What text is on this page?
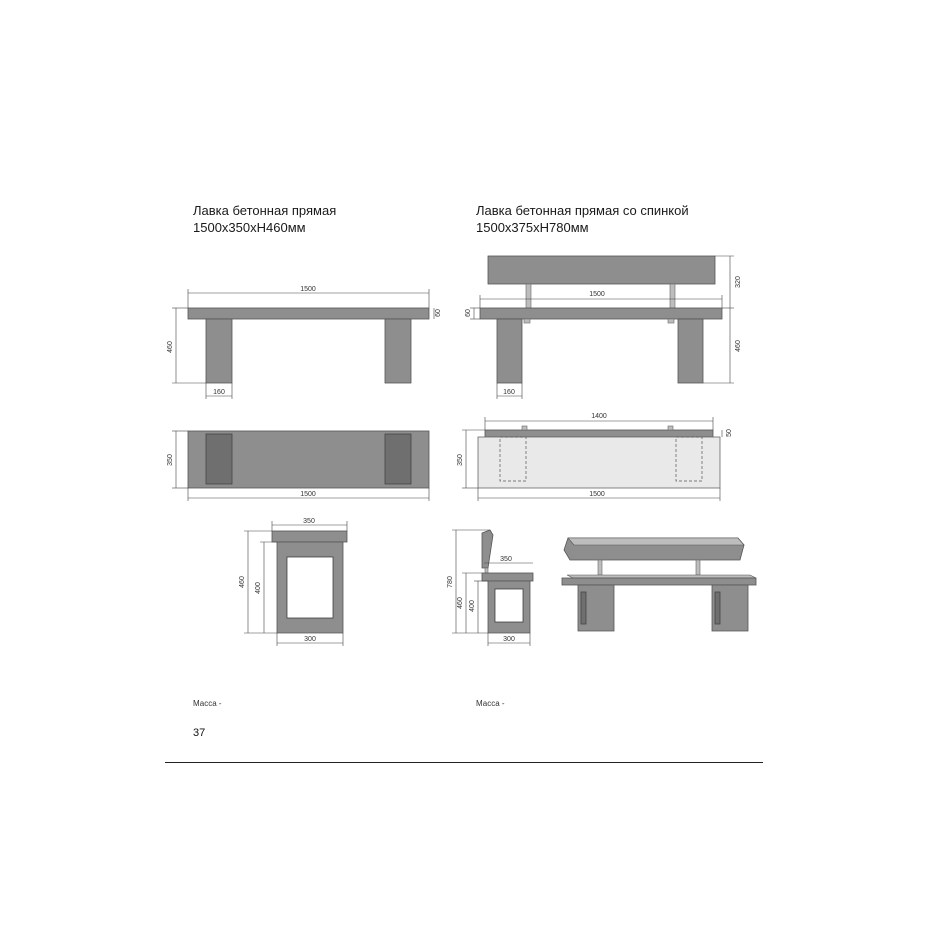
Лавка бетонная прямая
1500х350хН460мм
Лавка бетонная прямая со спинкой
1500х375хН780мм
1500
460
60
160
350
1500
350
460
400
300
1500
320
460
60
160
1400
50
350
1500
350
780
460 400
300
Масса -	Масса -
37
